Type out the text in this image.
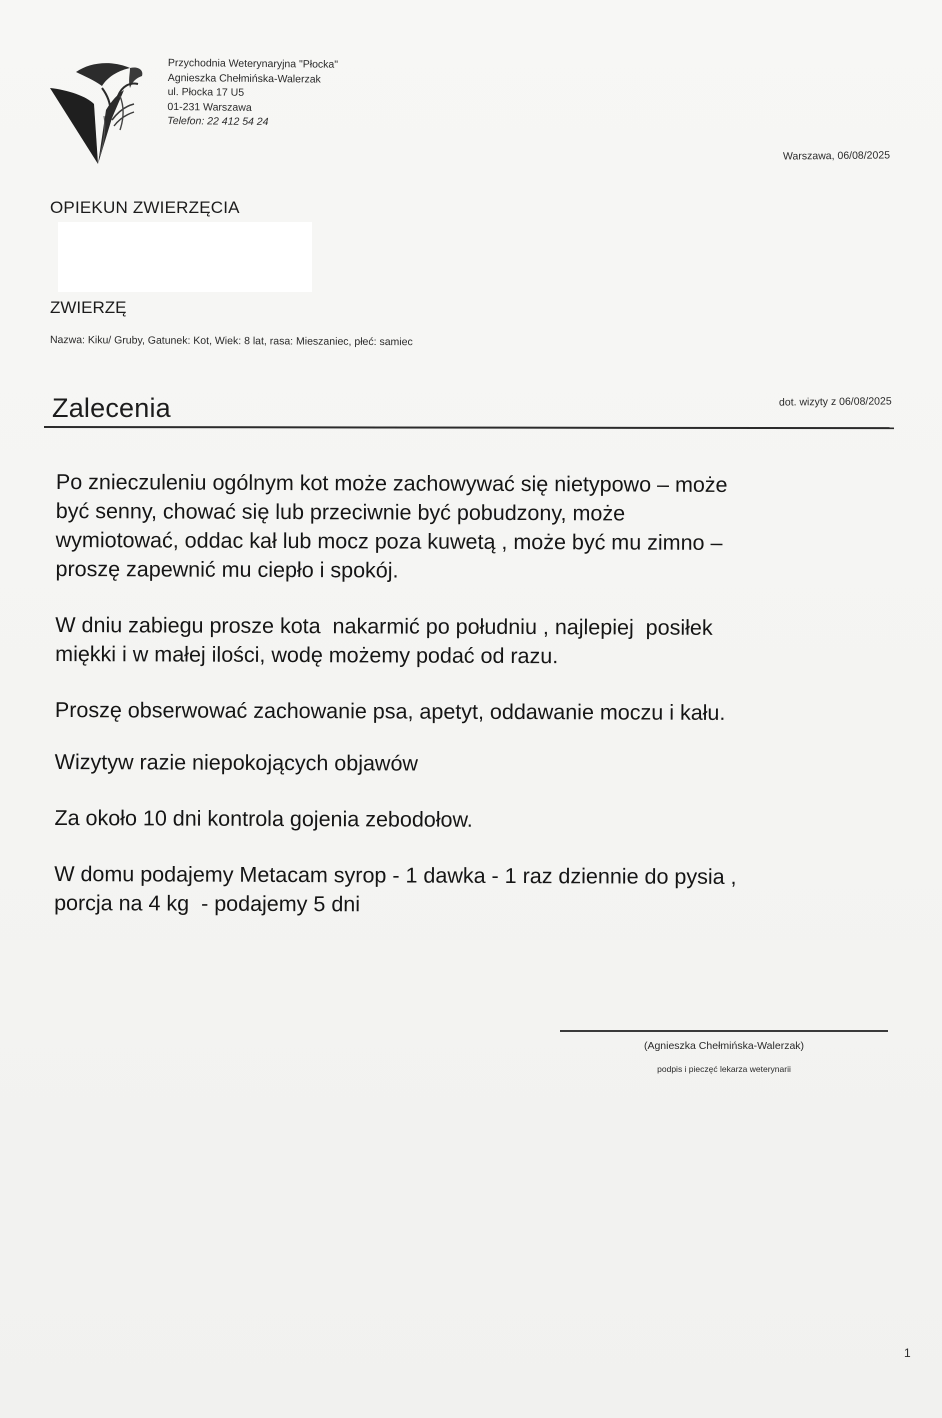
Przychodnia Weterynaryjna "Płocka"
Agnieszka Chełmińska-Walerzak
ul. Płocka 17 U5
01-231 Warszawa
Telefon: 22 412 54 24
Warszawa, 06/08/2025
OPIEKUN ZWIERZĘCIA
ZWIERZĘ
Nazwa: Kiku/ Gruby, Gatunek: Kot, Wiek: 8 lat, rasa: Mieszaniec, płeć: samiec
Zalecenia	dot. wizyty z 06/08/2025

Po znieczuleniu ogólnym kot może zachowywać się nietypowo – może

być senny, chować się lub przeciwnie być pobudzony, może

wymiotować, oddac kał lub mocz poza kuwetą , może być mu zimno –

proszę zapewnić mu ciepło i spokój.

W dniu zabiegu prosze kota  nakarmić po południu , najlepiej  posiłek

miękki i w małej ilości, wodę możemy podać od razu.

Proszę obserwować zachowanie psa, apetyt, oddawanie moczu i kału.

Wizytyw razie niepokojących objawów

Za około 10 dni kontrola gojenia zebodołow.

W domu podajemy Metacam syrop - 1 dawka - 1 raz dziennie do pysia ,

porcja na 4 kg  - podajemy 5 dni

(Agnieszka Chełmińska-Walerzak)
podpis i pieczęć lekarza weterynarii
1
